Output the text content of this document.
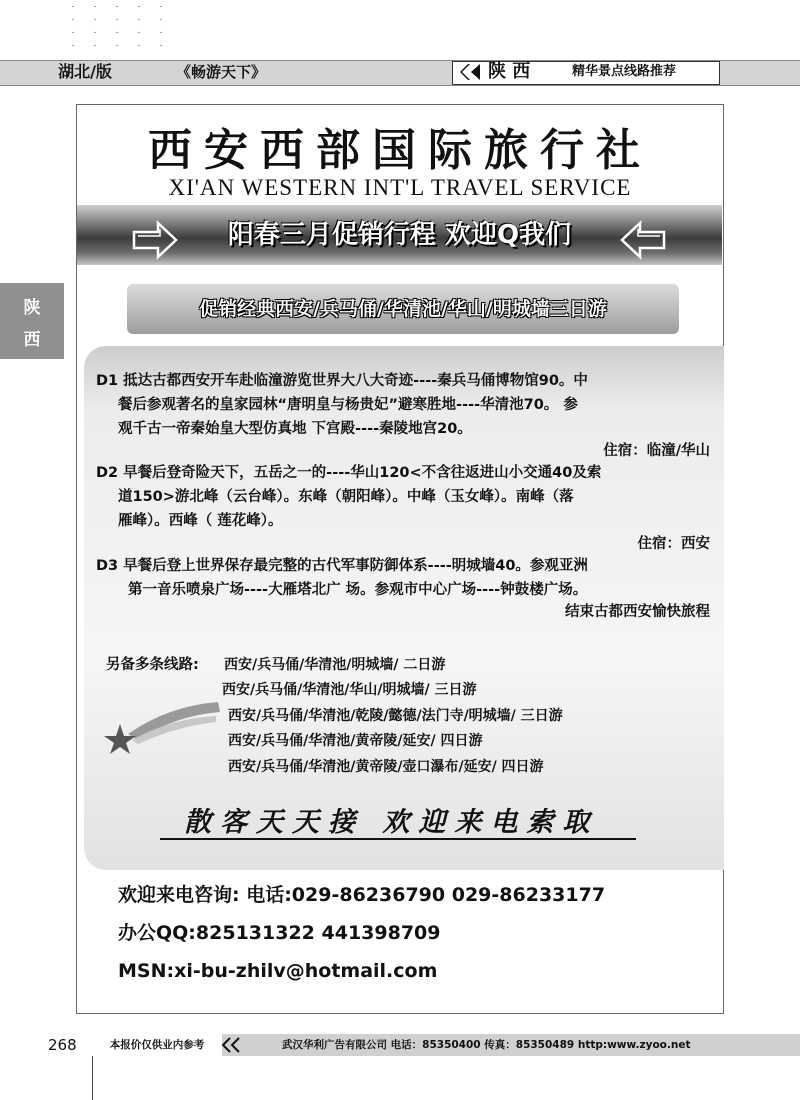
湖北/版	《畅游天下》	陕 西	精华景点线路推荐
陕
西
西安西部国际旅行社
XI'AN WESTERN INT'L TRAVEL SERVICE
阳春三月促销行程 欢迎Q我们
促销经典西安/兵马俑/华清池/华山/明城墙三日游
D1 抵达古都西安开车赴临潼游览世界大八大奇迹----秦兵马俑博物馆90。中
餐后参观著名的皇家园林“唐明皇与杨贵妃”避寒胜地----华清池70。 参
观千古一帝秦始皇大型仿真地 下宫殿----秦陵地宫20。
住宿：临潼/华山
D2 早餐后登奇险天下，五岳之一的----华山120<不含往返进山小交通40及索
道150>游北峰（云台峰）。东峰（朝阳峰）。中峰（玉女峰）。南峰（落
雁峰）。西峰（ 莲花峰）。
住宿：西安
D3 早餐后登上世界保存最完整的古代军事防御体系----明城墙40。参观亚洲
第一音乐喷泉广场----大雁塔北广 场。参观市中心广场----钟鼓楼广场。
结束古都西安愉快旅程
另备多条线路: 西安/兵马俑/华清池/明城墙/ 二日游
西安/兵马俑/华清池/华山/明城墙/ 三日游
西安/兵马俑/华清池/乾陵/懿德/法门寺/明城墙/ 三日游
西安/兵马俑/华清池/黄帝陵/延安/ 四日游
西安/兵马俑/华清池/黄帝陵/壶口瀑布/延安/ 四日游
散客天天接 欢迎来电索取
欢迎来电咨询: 电话:029-86236790 029-86233177
办公QQ:825131322 441398709
MSN:xi-bu-zhilv@hotmail.com
268	本报价仅供业内参考	武汉华利广告有限公司 电话：85350400 传真：85350489 http:www.zyoo.net
